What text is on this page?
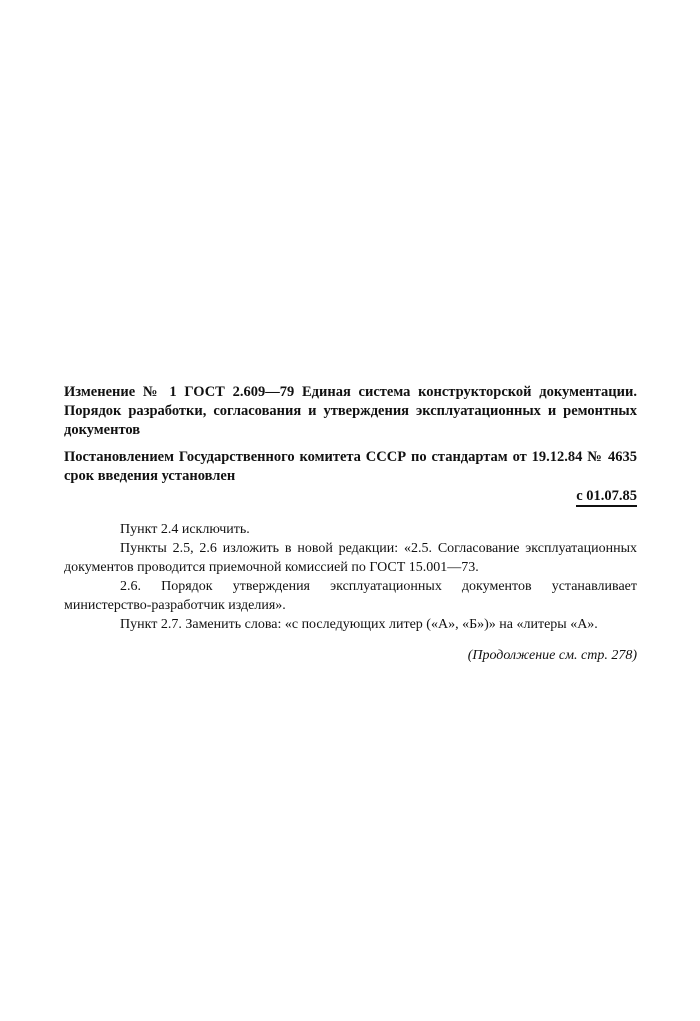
Изменение № 1 ГОСТ 2.609—79 Единая система конструкторской документации. Порядок разработки, согласования и утверждения эксплуатационных и ремонтных документов

Постановлением Государственного комитета СССР по стандартам от 19.12.84 № 4635 срок введения установлен

с 01.07.85

Пункт 2.4 исключить.

Пункты 2.5, 2.6 изложить в новой редакции: «2.5. Согласование эксплуатационных документов проводится приемочной комиссией по ГОСТ 15.001—73.

2.6. Порядок утверждения эксплуатационных документов устанавливает министерство-разработчик изделия».

Пункт 2.7. Заменить слова: «с последующих литер («А», «Б»)» на «литеры «А».

(Продолжение см. стр. 278)
